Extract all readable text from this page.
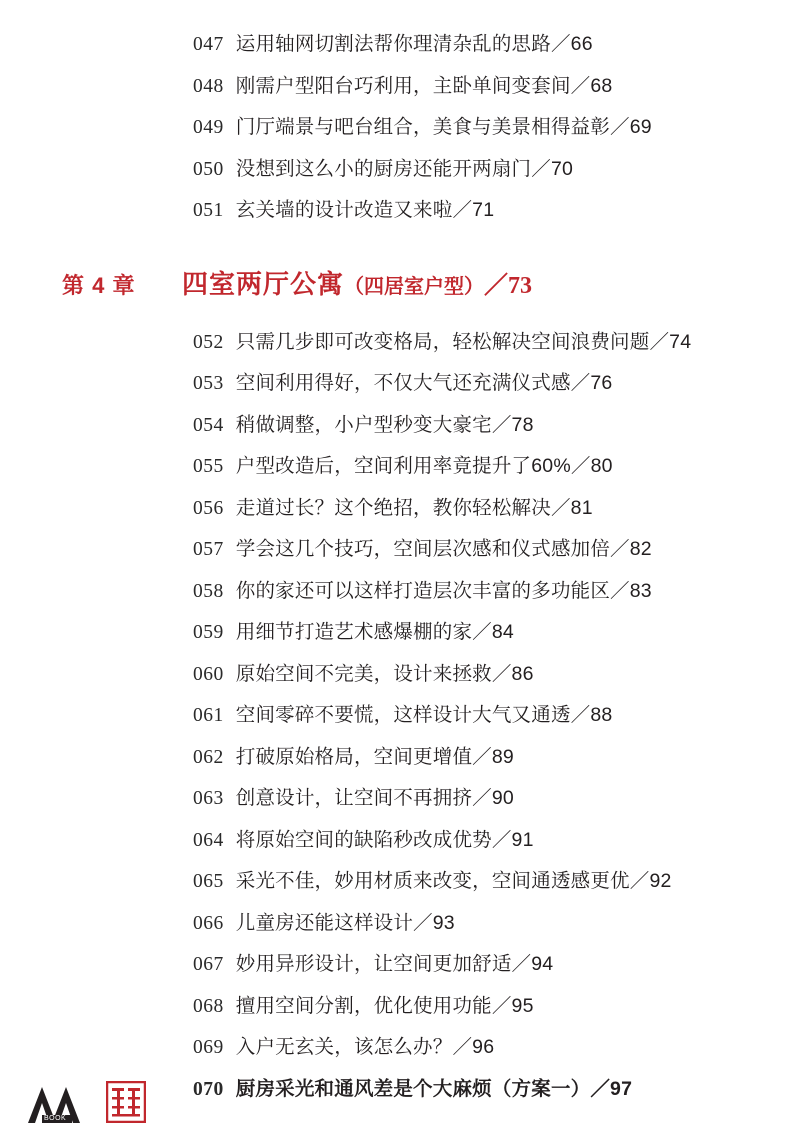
047 运用轴网切割法帮你理清杂乱的思路／66
048 刚需户型阳台巧利用，主卧单间变套间／68
049 门厅端景与吧台组合，美食与美景相得益彰／69
050 没想到这么小的厨房还能开两扇门／70
051 玄关墙的设计改造又来啦／71
第 4 章	四室两厅公寓 （四居室户型） ／ 73
052 只需几步即可改变格局，轻松解决空间浪费问题／74
053 空间利用得好，不仅大气还充满仪式感／76
054 稍做调整，小户型秒变大豪宅／78
055 户型改造后，空间利用率竟提升了60%／80
056 走道过长？这个绝招，教你轻松解决／81
057 学会这几个技巧，空间层次感和仪式感加倍／82
058 你的家还可以这样打造层次丰富的多功能区／83
059 用细节打造艺术感爆棚的家／84
060 原始空间不完美，设计来拯救／86
061 空间零碎不要慌，这样设计大气又通透／88
062 打破原始格局，空间更增值／89
063 创意设计，让空间不再拥挤／90
064 将原始空间的缺陷秒改成优势／91
065 采光不佳，妙用材质来改变，空间通透感更优／92
066 儿童房还能这样设计／93
067 妙用异形设计，让空间更加舒适／94
068 擅用空间分割，优化使用功能／95
069 入户无玄关，该怎么办？／96
070 厨房采光和通风差是个大麻烦（方案一）／97
BOOK
